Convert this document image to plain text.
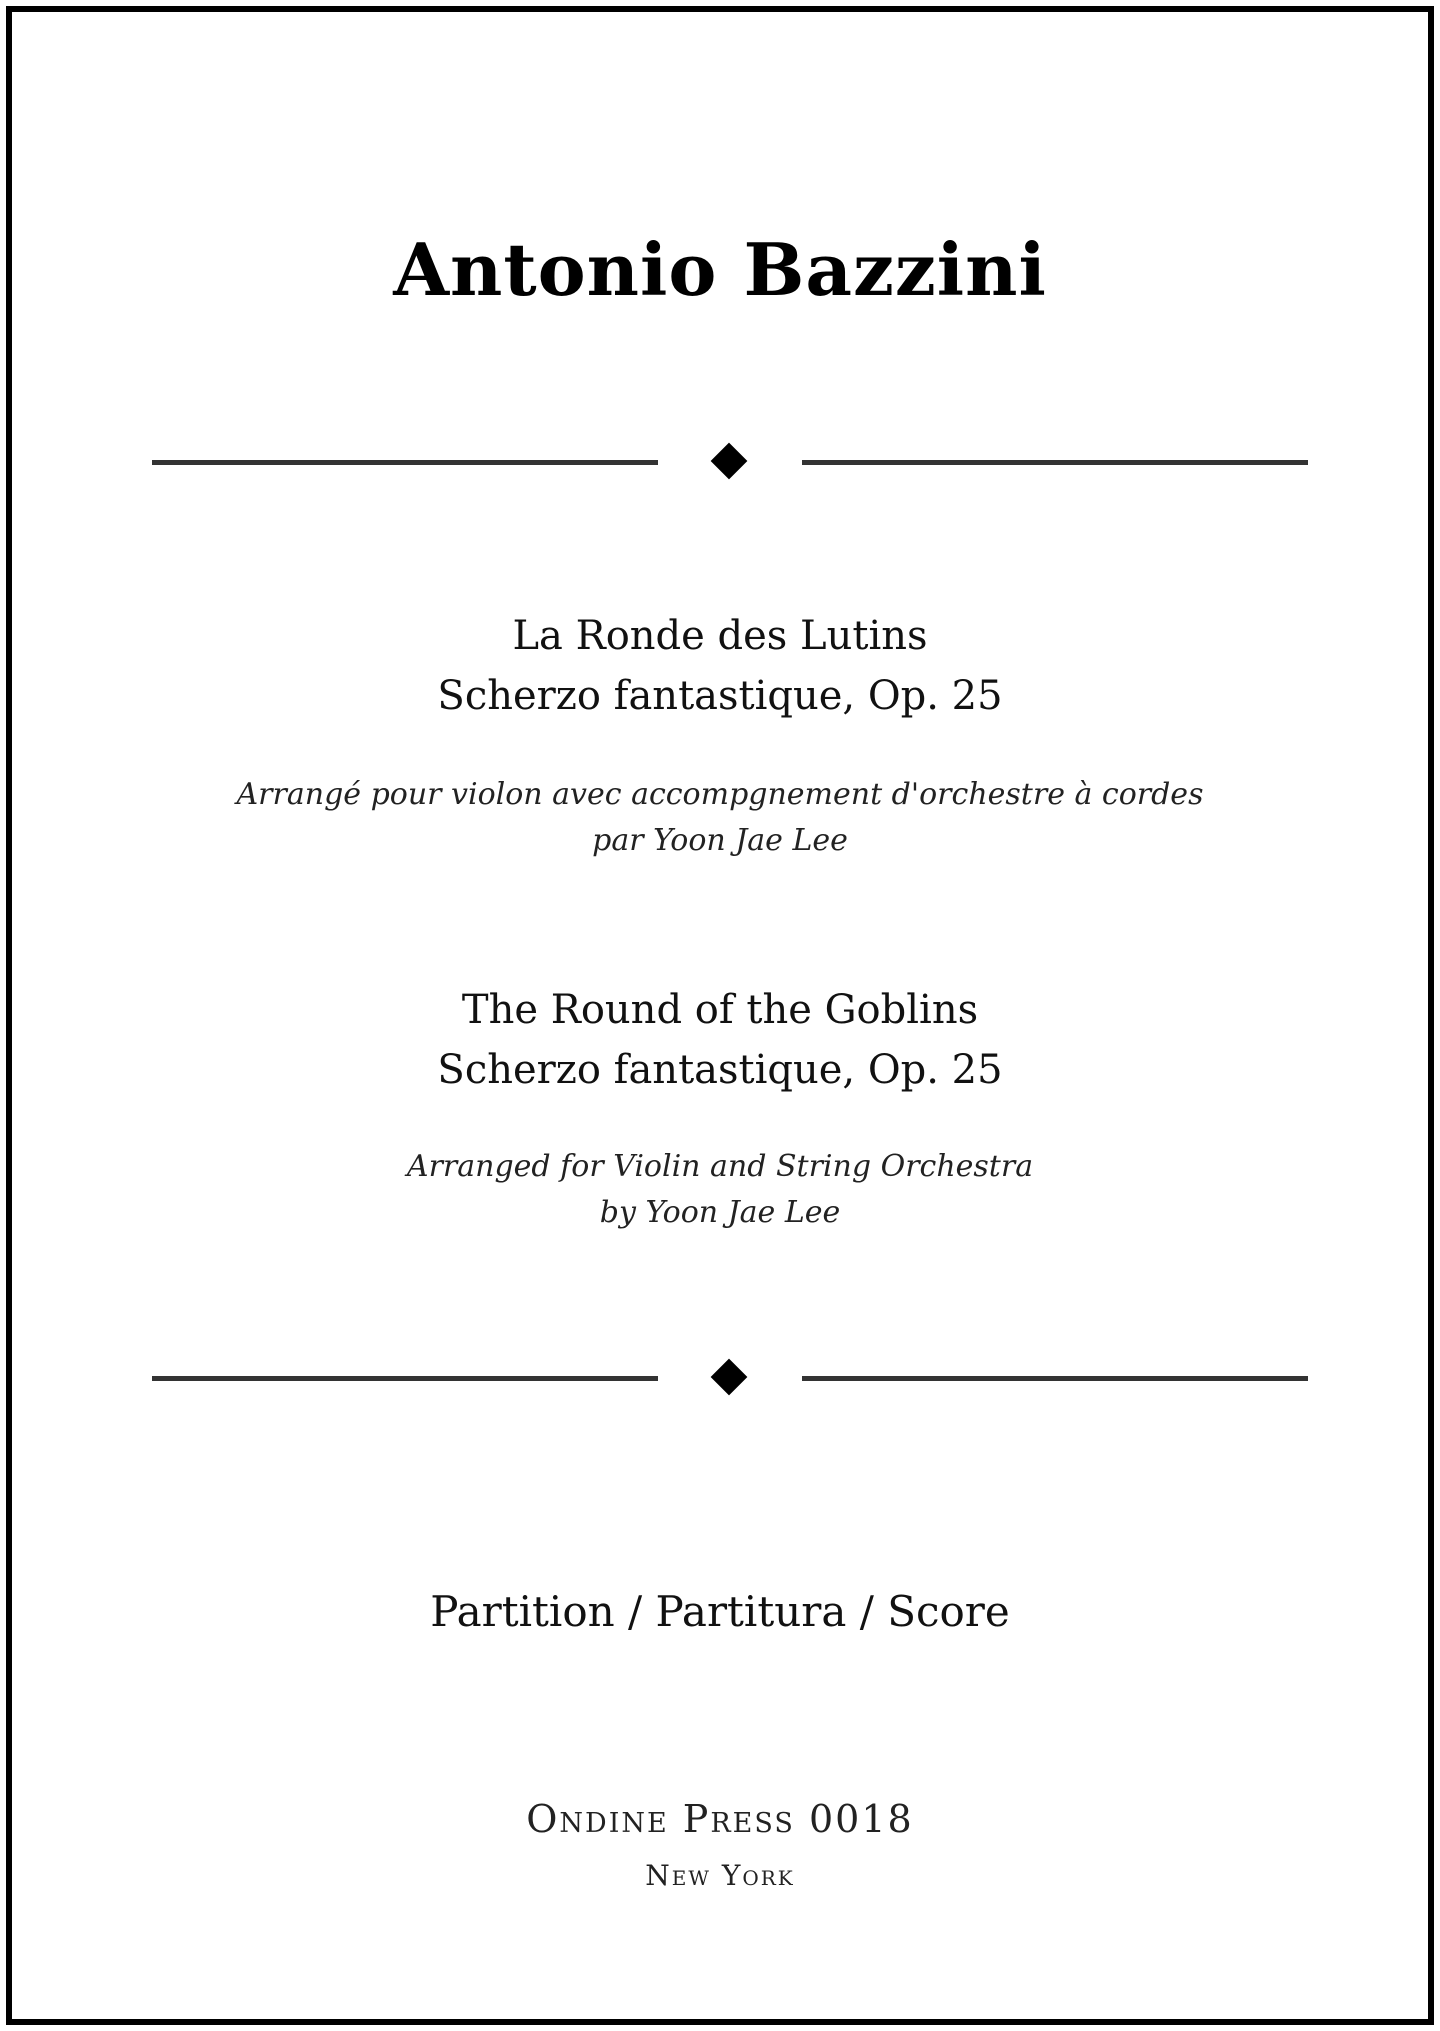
Antonio Bazzini
La Ronde des Lutins
Scherzo fantastique, Op. 25
Arrangé pour violon avec accompgnement d'orchestre à cordes
par Yoon Jae Lee
The Round of the Goblins
Scherzo fantastique, Op. 25
Arranged for Violin and String Orchestra
by Yoon Jae Lee
Partition / Partitura / Score
Ondine Press 0018
New York
